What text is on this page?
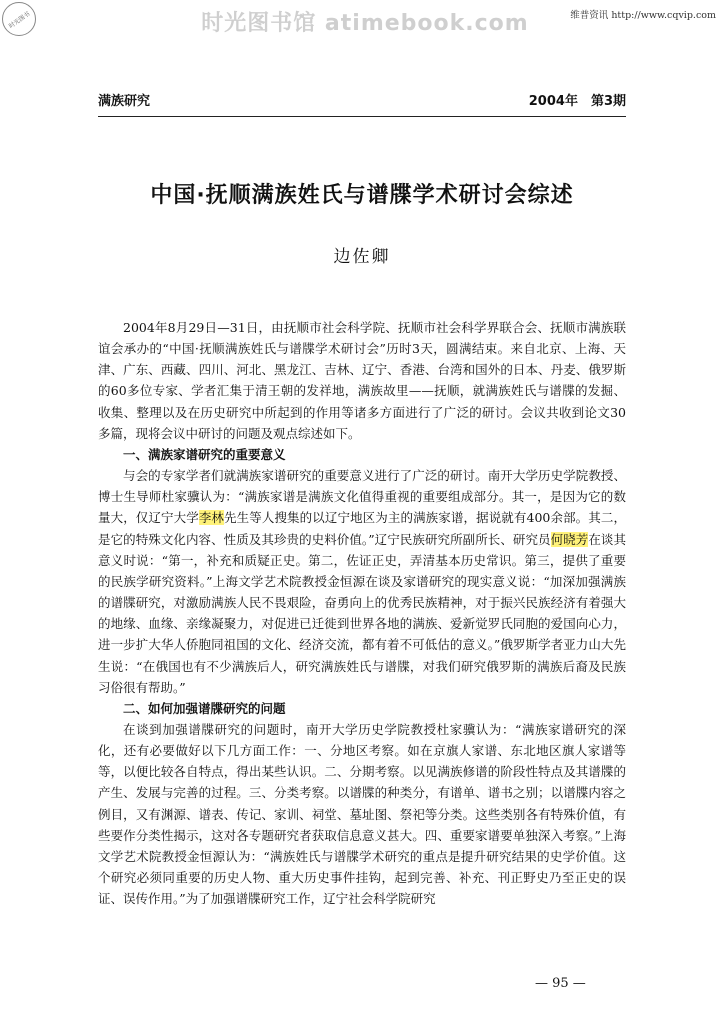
时光图书	时光图书馆 atimebook.com	维普资讯 http://www.cqvip.com
满族研究	2004年　第3期
中国·抚顺满族姓氏与谱牒学术研讨会综述
边佐卿

2004年8月29日—31日，由抚顺市社会科学院、抚顺市社会科学界联合会、抚顺市满族联谊会承办的“中国·抚顺满族姓氏与谱牒学术研讨会”历时3天，圆满结束。来自北京、上海、天津、广东、西藏、四川、河北、黑龙江、吉林、辽宁、香港、台湾和国外的日本、丹麦、俄罗斯的60多位专家、学者汇集于清王朝的发祥地，满族故里——抚顺，就满族姓氏与谱牒的发掘、收集、整理以及在历史研究中所起到的作用等诸多方面进行了广泛的研讨。会议共收到论文30多篇，现将会议中研讨的问题及观点综述如下。

一、满族家谱研究的重要意义

与会的专家学者们就满族家谱研究的重要意义进行了广泛的研讨。南开大学历史学院教授、博士生导师杜家骥认为：“满族家谱是满族文化值得重视的重要组成部分。其一，是因为它的数量大，仅辽宁大学李林先生等人搜集的以辽宁地区为主的满族家谱，据说就有400余部。其二，是它的特殊文化内容、性质及其珍贵的史料价值。”辽宁民族研究所副所长、研究员何晓芳在谈其意义时说：“第一，补充和质疑正史。第二，佐证正史，弄清基本历史常识。第三，提供了重要的民族学研究资料。”上海文学艺术院教授金恒源在谈及家谱研究的现实意义说：“加深加强满族的谱牒研究，对激励满族人民不畏艰险，奋勇向上的优秀民族精神，对于振兴民族经济有着强大的地缘、血缘、亲缘凝聚力，对促进已迁徙到世界各地的满族、爱新觉罗氏同胞的爱国向心力，进一步扩大华人侨胞同祖国的文化、经济交流，都有着不可低估的意义。”俄罗斯学者亚力山大先生说：“在俄国也有不少满族后人，研究满族姓氏与谱牒，对我们研究俄罗斯的满族后裔及民族习俗很有帮助。”

二、如何加强谱牒研究的问题

在谈到加强谱牒研究的问题时，南开大学历史学院教授杜家骥认为：“满族家谱研究的深化，还有必要做好以下几方面工作：一、分地区考察。如在京旗人家谱、东北地区旗人家谱等等，以便比较各自特点，得出某些认识。二、分期考察。以见满族修谱的阶段性特点及其谱牒的产生、发展与完善的过程。三、分类考察。以谱牒的种类分，有谱单、谱书之别；以谱牒内容之例目，又有渊源、谱表、传记、家训、祠堂、墓址图、祭祀等分类。这些类别各有特殊价值，有些要作分类性揭示，这对各专题研究者获取信息意义甚大。四、重要家谱要单独深入考察。”上海文学艺术院教授金恒源认为：“满族姓氏与谱牒学术研究的重点是提升研究结果的史学价值。这个研究必须同重要的历史人物、重大历史事件挂钩，起到完善、补充、刊正野史乃至正史的误证、误传作用。”为了加强谱牒研究工作，辽宁社会科学院研究

— 95 —
